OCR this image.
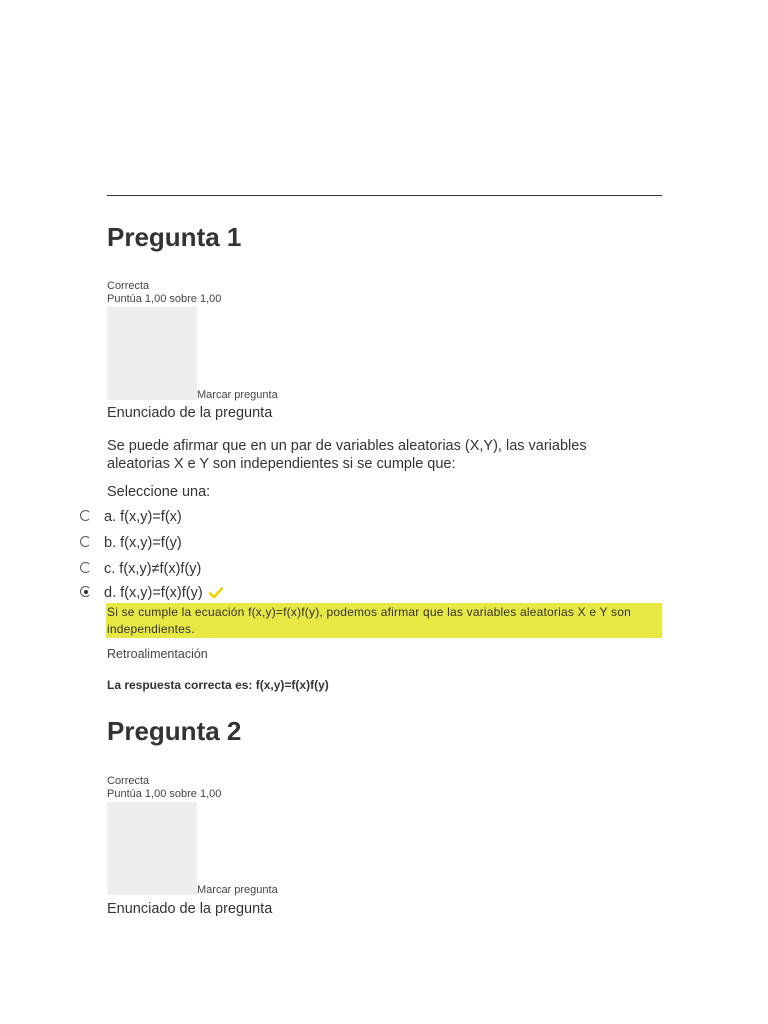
Pregunta 1
Correcta
Puntúa 1,00 sobre 1,00
Marcar pregunta
Enunciado de la pregunta

Se puede afirmar que en un par de variables aleatorias (X,Y), las variables aleatorias X e Y son independientes si se cumple que:

Seleccione una:
a. f(x,y)=f(x)
b. f(x,y)=f(y)
c. f(x,y)≠f(x)f(y)
d. f(x,y)=f(x)f(y)
Si se cumple la ecuación f(x,y)=f(x)f(y), podemos afirmar que las variables aleatorias X e Y son independientes.
Retroalimentación
La respuesta correcta es: f(x,y)=f(x)f(y)
Pregunta 2
Correcta
Puntúa 1,00 sobre 1,00
Marcar pregunta
Enunciado de la pregunta
